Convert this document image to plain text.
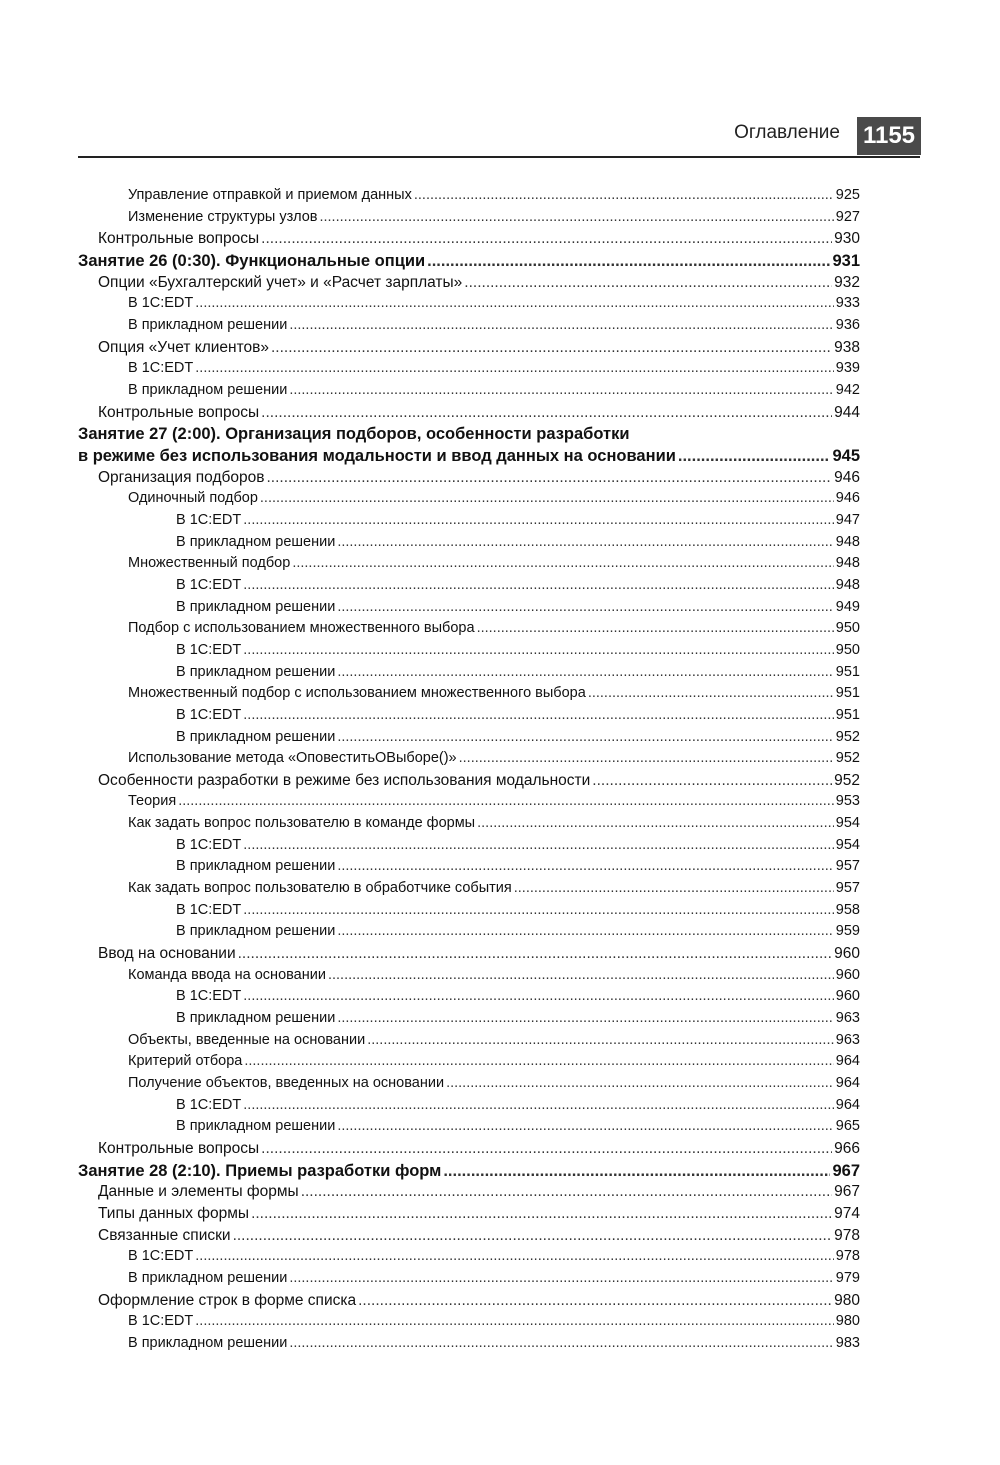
Оглавление 1155
Управление отправкой и приемом данных .....	925
Изменение структуры узлов .....	927
Контрольные вопросы .....	930
Занятие 26 (0:30). Функциональные опции .....	931
Опции «Бухгалтерский учет» и «Расчет зарплаты» .....	932
В 1C:EDT .....	933
В прикладном решении .....	936
Опция «Учет клиентов» .....	938
В 1C:EDT .....	939
В прикладном решении .....	942
Контрольные вопросы .....	944
Занятие 27 (2:00). Организация подборов, особенности разработки
в режиме без использования модальности и ввод данных на основании .....	945
Организация подборов .....	946
Одиночный подбор .....	946
В 1C:EDT .....	947
В прикладном решении .....	948
Множественный подбор .....	948
В 1C:EDT .....	948
В прикладном решении .....	949
Подбор с использованием множественного выбора .....	950
В 1C:EDT .....	950
В прикладном решении .....	951
Множественный подбор с использованием множественного выбора .....	951
В 1C:EDT .....	951
В прикладном решении .....	952
Использование метода «ОповеститьОВыборе()» .....	952
Особенности разработки в режиме без использования модальности .....	952
Теория .....	953
Как задать вопрос пользователю в команде формы .....	954
В 1C:EDT .....	954
В прикладном решении .....	957
Как задать вопрос пользователю в обработчике события .....	957
В 1C:EDT .....	958
В прикладном решении .....	959
Ввод на основании .....	960
Команда ввода на основании .....	960
В 1C:EDT .....	960
В прикладном решении .....	963
Объекты, введенные на основании .....	963
Критерий отбора .....	964
Получение объектов, введенных на основании .....	964
В 1C:EDT .....	964
В прикладном решении .....	965
Контрольные вопросы .....	966
Занятие 28 (2:10). Приемы разработки форм .....	967
Данные и элементы формы .....	967
Типы данных формы .....	974
Связанные списки .....	978
В 1C:EDT .....	978
В прикладном решении .....	979
Оформление строк в форме списка .....	980
В 1C:EDT .....	980
В прикладном решении .....	983
